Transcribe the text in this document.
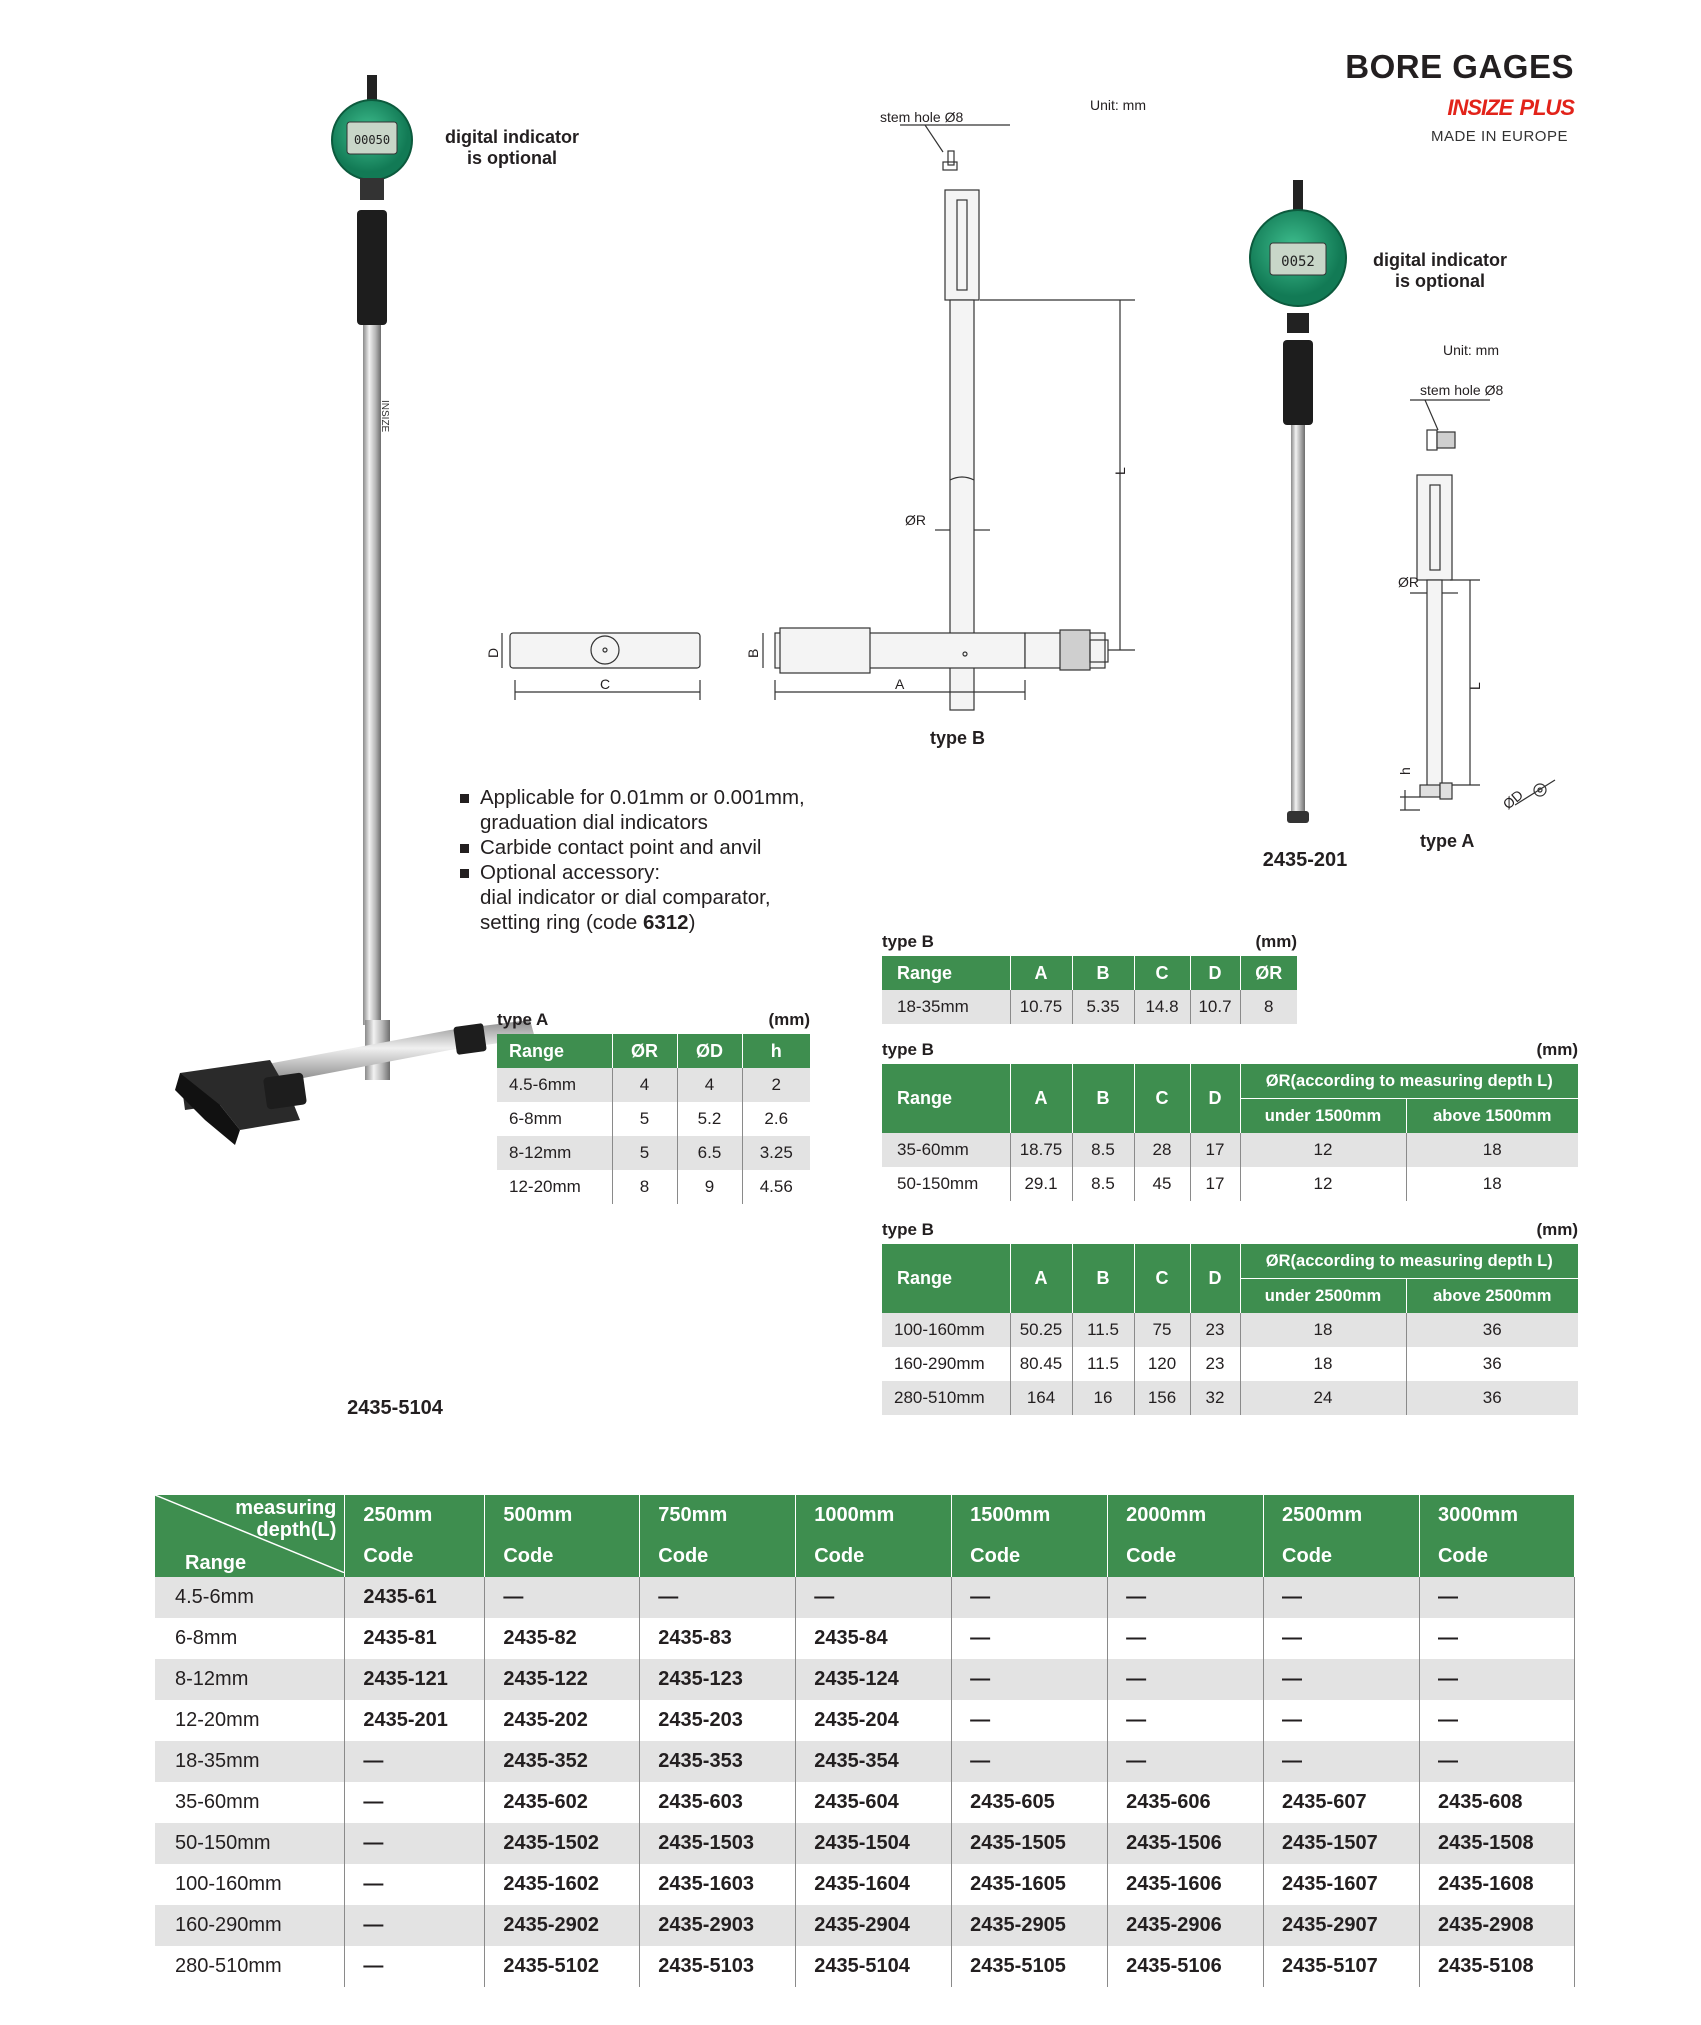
BORE GAGES
INSIZE PLUS
MADE IN EUROPE
00050
INSIZE
digital indicator
is optional
2435-5104
stem hole Ø8
Unit: mm
ØR
L
D	B
C	A
type B
0052	digital indicator
is optional
2435-201
stem hole Ø8
Unit: mm
ØR
L
h
ØD
type A
Applicable for 0.01mm or 0.001mm,
graduation dial indicators
Carbide contact point and anvil
Optional accessory:
dial indicator or dial comparator,
setting ring (code 6312)
type A	(mm)
Range	ØR	ØD	h
4.5-6mm	4	4	2
6-8mm	5	5.2	2.6
8-12mm	5	6.5	3.25
12-20mm	8	9	4.56
type B	(mm)
Range	A	B	C	D	ØR
18-35mm	10.75	5.35	14.8	10.7	8
type B	(mm)
Range	A	B	C	D	ØR(according to measuring depth L)	
					under 1500mm	above 1500mm
35-60mm	18.75	8.5	28	17	12	18
50-150mm	29.1	8.5	45	17	12	18
type B	(mm)
Range	A	B	C	D	ØR(according to measuring depth L)	
					under 2500mm	above 2500mm
100-160mm	50.25	11.5	75	23	18	36
160-290mm	80.45	11.5	120	23	18	36
280-510mm	164	16	156	32	24	36
measuring
depth(L)
Range	250mm	500mm	750mm	1000mm	1500mm	2000mm	2500mm	3000mm
	Code	Code	Code	Code	Code	Code	Code	Code
4.5-6mm	2435-61	—	—	—	—	—	—	—
6-8mm	2435-81	2435-82	2435-83	2435-84	—	—	—	—
8-12mm	2435-121	2435-122	2435-123	2435-124	—	—	—	—
12-20mm	2435-201	2435-202	2435-203	2435-204	—	—	—	—
18-35mm	—	2435-352	2435-353	2435-354	—	—	—	—
35-60mm	—	2435-602	2435-603	2435-604	2435-605	2435-606	2435-607	2435-608
50-150mm	—	2435-1502	2435-1503	2435-1504	2435-1505	2435-1506	2435-1507	2435-1508
100-160mm	—	2435-1602	2435-1603	2435-1604	2435-1605	2435-1606	2435-1607	2435-1608
160-290mm	—	2435-2902	2435-2903	2435-2904	2435-2905	2435-2906	2435-2907	2435-2908
280-510mm	—	2435-5102	2435-5103	2435-5104	2435-5105	2435-5106	2435-5107	2435-5108
